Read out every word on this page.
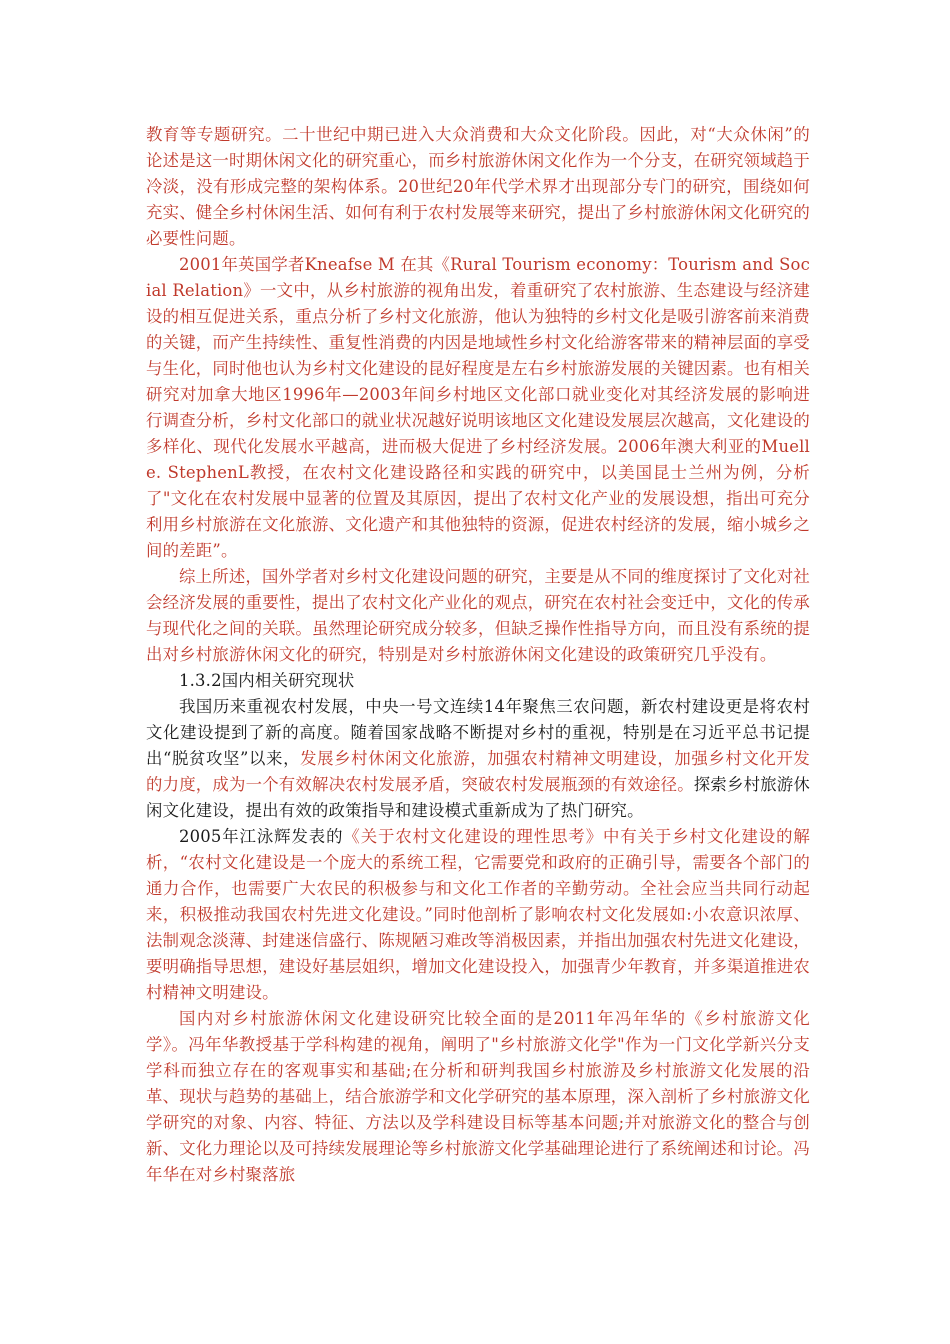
教育等专题研究。二十世纪中期已进入大众消费和大众文化阶段。因此，对“大众休闲”的论述是这一时期休闲文化的研究重心，而乡村旅游休闲文化作为一个分支，在研究领域趋于冷淡，没有形成完整的架构体系。20世纪20年代学术界才出现部分专门的研究，围绕如何充实、健全乡村休闲生活、如何有利于农村发展等来研究，提出了乡村旅游休闲文化研究的必要性问题。

2001年英国学者Kneafse M 在其《Rural Tourism economy：Tourism and Social Relation》一文中，从乡村旅游的视角出发，着重研究了农村旅游、生态建设与经济建设的相互促进关系，重点分析了乡村文化旅游，他认为独特的乡村文化是吸引游客前来消费的关键，而产生持续性、重复性消费的内因是地域性乡村文化给游客带来的精神层面的享受与生化，同时他也认为乡村文化建设的昆好程度是左右乡村旅游发展的关键因素。也有相关研究对加拿大地区1996年—2003年间乡村地区文化部口就业变化对其经济发展的影响进行调查分析，乡村文化部口的就业状况越好说明该地区文化建设发展层次越高，文化建设的多样化、现代化发展水平越高，进而极大促进了乡村经济发展。2006年澳大利亚的Muelle. StephenL教授，在农村文化建设路径和实践的研究中，以美国昆士兰州为例，分析了"文化在农村发展中显著的位置及其原因，提出了农村文化产业的发展设想，指出可充分利用乡村旅游在文化旅游、文化遗产和其他独特的资源，促进农村经济的发展，缩小城乡之间的差距”。

综上所述，国外学者对乡村文化建设问题的研究，主要是从不同的维度探讨了文化对社会经济发展的重要性，提出了农村文化产业化的观点，研究在农村社会变迁中，文化的传承与现代化之间的关联。虽然理论研究成分较多，但缺乏操作性指导方向，而且没有系统的提出对乡村旅游休闲文化的研究，特别是对乡村旅游休闲文化建设的政策研究几乎没有。

1.3.2国内相关研究现状

我国历来重视农村发展，中央一号文连续14年聚焦三农问题，新农村建设更是将农村文化建设提到了新的高度。随着国家战略不断提对乡村的重视，特别是在习近平总书记提出“脱贫攻坚”以来，发展乡村休闲文化旅游，加强农村精神文明建设，加强乡村文化开发的力度，成为一个有效解决农村发展矛盾，突破农村发展瓶颈的有效途径。探索乡村旅游休闲文化建设，提出有效的政策指导和建设模式重新成为了热门研究。

2005年江泳辉发表的《关于农村文化建设的理性思考》中有关于乡村文化建设的解析，“农村文化建设是一个庞大的系统工程，它需要党和政府的正确引导，需要各个部门的通力合作，也需要广大农民的积极参与和文化工作者的辛勤劳动。全社会应当共同行动起来，积极推动我国农村先进文化建设。”同时他剖析了影响农村文化发展如:小农意识浓厚、法制观念淡薄、封建迷信盛行、陈规陋习难改等消极因素，并指出加强农村先进文化建设，要明确指导思想，建设好基层姐织，增加文化建设投入，加强青少年教育，并多渠道推进农村精神文明建设。

国内对乡村旅游休闲文化建设研究比较全面的是2011年冯年华的《乡村旅游文化学》。冯年华教授基于学科构建的视角，阐明了"乡村旅游文化学"作为一门文化学新兴分支学科而独立存在的客观事实和基础;在分析和研判我国乡村旅游及乡村旅游文化发展的沿革、现状与趋势的基础上，结合旅游学和文化学研究的基本原理，深入剖析了乡村旅游文化学研究的对象、内容、特征、方法以及学科建设目标等基本问题;并对旅游文化的整合与创新、文化力理论以及可持续发展理论等乡村旅游文化学基础理论进行了系统阐述和讨论。冯年华在对乡村聚落旅
